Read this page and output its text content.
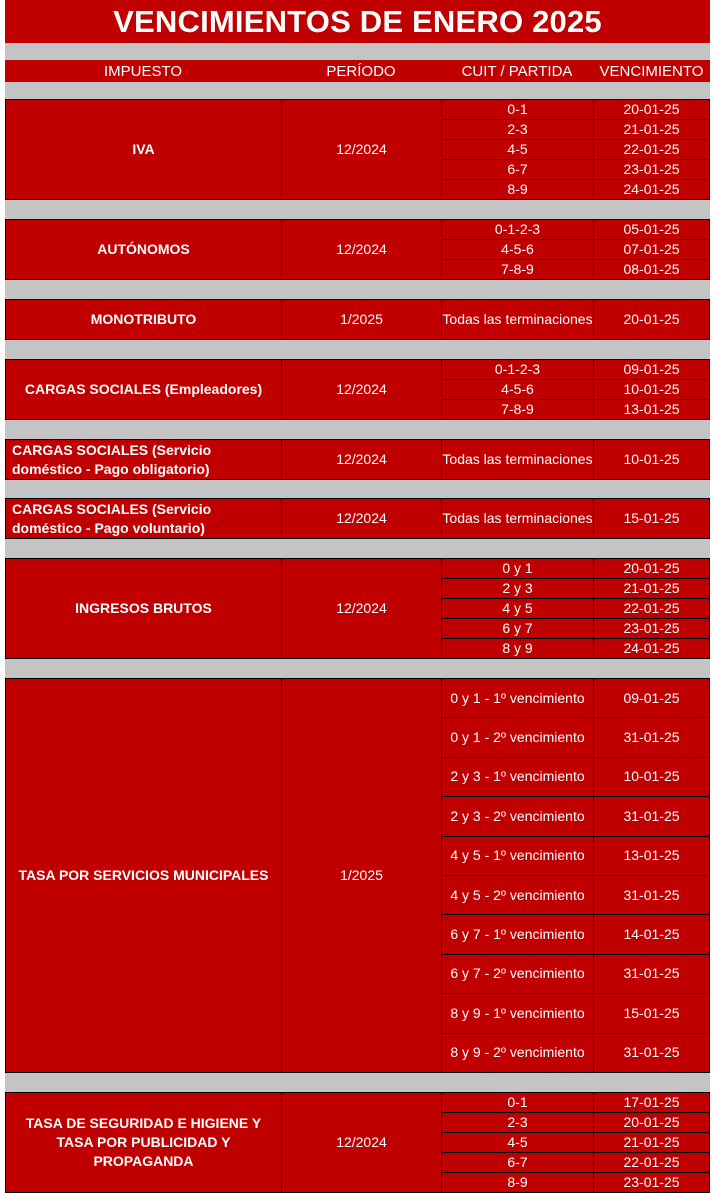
VENCIMIENTOS DE ENERO 2025
IMPUESTO	PERÍODO	CUIT / PARTIDA	VENCIMIENTO
IVA	12/2024
0-1	20-01-25
2-3	21-01-25
4-5	22-01-25
6-7	23-01-25
8-9	24-01-25
AUTÓNOMOS	12/2024
0-1-2-3	05-01-25
4-5-6	07-01-25
7-8-9	08-01-25
MONOTRIBUTO	1/2025	Todas las terminaciones	20-01-25
CARGAS SOCIALES (Empleadores)	12/2024
0-1-2-3	09-01-25
4-5-6	10-01-25
7-8-9	13-01-25
CARGAS SOCIALES (Servicio doméstico - Pago obligatorio)
12/2024	Todas las terminaciones	10-01-25
CARGAS SOCIALES (Servicio doméstico - Pago voluntario)
12/2024	Todas las terminaciones	15-01-25
INGRESOS BRUTOS	12/2024
0 y 1	20-01-25
2 y 3	21-01-25
4 y 5	22-01-25
6 y 7	23-01-25
8 y 9	24-01-25
TASA POR SERVICIOS MUNICIPALES	1/2025
0 y 1 - 1º vencimiento	09-01-25
0 y 1 - 2º vencimiento	31-01-25
2 y 3 - 1º vencimiento	10-01-25
2 y 3 - 2º vencimiento	31-01-25
4 y 5 - 1º vencimiento	13-01-25
4 y 5 - 2º vencimiento	31-01-25
6 y 7 - 1º vencimiento	14-01-25
6 y 7 - 2º vencimiento	31-01-25
8 y 9 - 1º vencimiento	15-01-25
8 y 9 - 2º vencimiento	31-01-25
TASA DE SEGURIDAD E HIGIENE Y TASA POR PUBLICIDAD Y PROPAGANDA
12/2024
0-1	17-01-25
2-3	20-01-25
4-5	21-01-25
6-7	22-01-25
8-9	23-01-25
